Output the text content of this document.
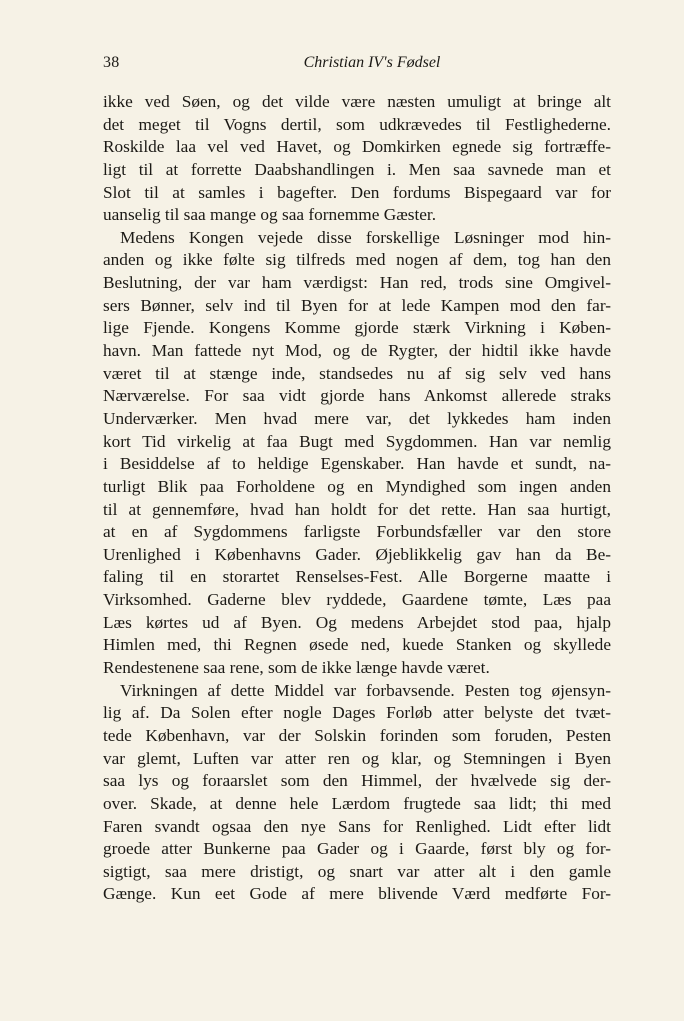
38	Christian IV's Fødsel
ikke ved Søen, og det vilde være næsten umuligt at bringe alt
det meget til Vogns dertil, som udkrævedes til Festlighederne.
Roskilde laa vel ved Havet, og Domkirken egnede sig fortræffe-
ligt til at forrette Daabshandlingen i. Men saa savnede man et
Slot til at samles i bagefter. Den fordums Bispegaard var for
uanselig til saa mange og saa fornemme Gæster.
Medens Kongen vejede disse forskellige Løsninger mod hin-
anden og ikke følte sig tilfreds med nogen af dem, tog han den
Beslutning, der var ham værdigst: Han red, trods sine Omgivel-
sers Bønner, selv ind til Byen for at lede Kampen mod den far-
lige Fjende. Kongens Komme gjorde stærk Virkning i Køben-
havn. Man fattede nyt Mod, og de Rygter, der hidtil ikke havde
været til at stænge inde, standsedes nu af sig selv ved hans
Nærværelse. For saa vidt gjorde hans Ankomst allerede straks
Underværker. Men hvad mere var, det lykkedes ham inden
kort Tid virkelig at faa Bugt med Sygdommen. Han var nemlig
i Besiddelse af to heldige Egenskaber. Han havde et sundt, na-
turligt Blik paa Forholdene og en Myndighed som ingen anden
til at gennemføre, hvad han holdt for det rette. Han saa hurtigt,
at en af Sygdommens farligste Forbundsfæller var den store
Urenlighed i Københavns Gader. Øjeblikkelig gav han da Be-
faling til en storartet Renselses-Fest. Alle Borgerne maatte i
Virksomhed. Gaderne blev ryddede, Gaardene tømte, Læs paa
Læs kørtes ud af Byen. Og medens Arbejdet stod paa, hjalp
Himlen med, thi Regnen øsede ned, kuede Stanken og skyllede
Rendestenene saa rene, som de ikke længe havde været.
Virkningen af dette Middel var forbavsende. Pesten tog øjensyn-
lig af. Da Solen efter nogle Dages Forløb atter belyste det tvæt-
tede København, var der Solskin forinden som foruden, Pesten
var glemt, Luften var atter ren og klar, og Stemningen i Byen
saa lys og foraarslet som den Himmel, der hvælvede sig der-
over. Skade, at denne hele Lærdom frugtede saa lidt; thi med
Faren svandt ogsaa den nye Sans for Renlighed. Lidt efter lidt
groede atter Bunkerne paa Gader og i Gaarde, først bly og for-
sigtigt, saa mere dristigt, og snart var atter alt i den gamle
Gænge. Kun eet Gode af mere blivende Værd medførte For-
